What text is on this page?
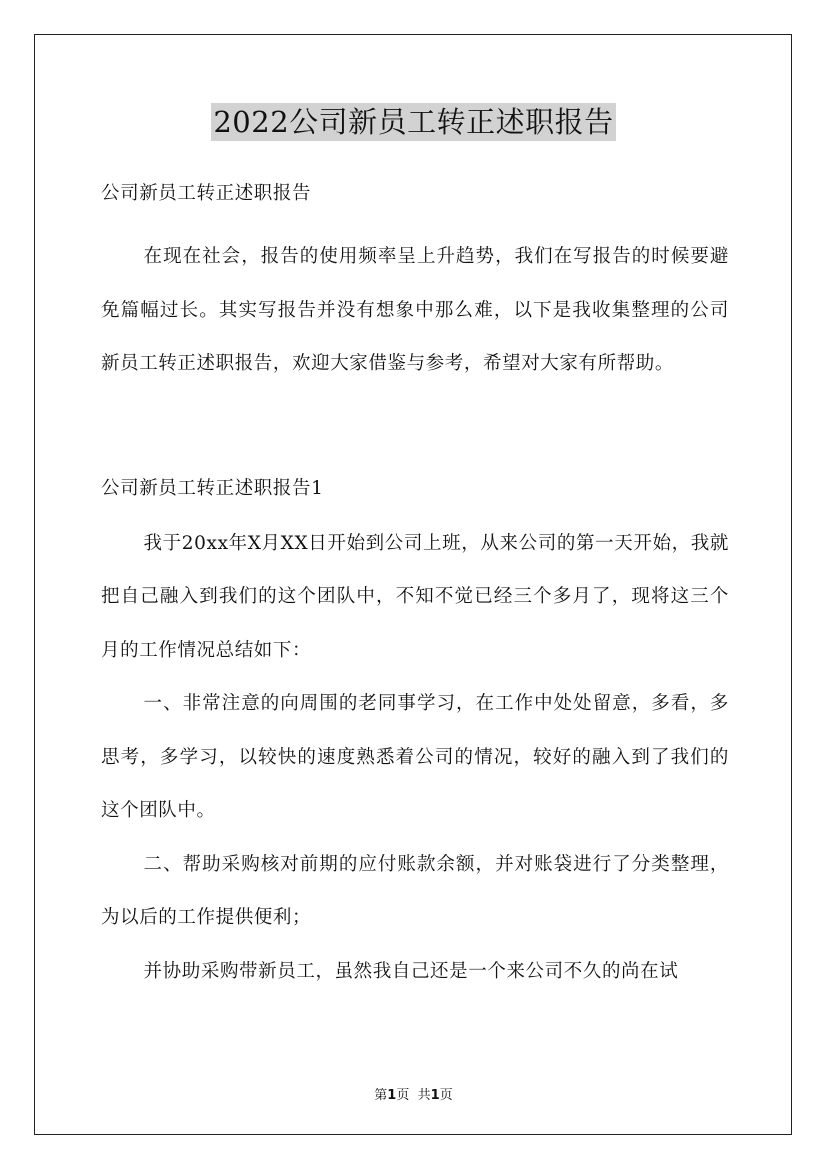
2022公司新员工转正述职报告

公司新员工转正述职报告

在现在社会，报告的使用频率呈上升趋势，我们在写报告的时候要避免篇幅过长。其实写报告并没有想象中那么难，以下是我收集整理的公司新员工转正述职报告，欢迎大家借鉴与参考，希望对大家有所帮助。

公司新员工转正述职报告1

我于20xx年X月XX日开始到公司上班，从来公司的第一天开始，我就把自己融入到我们的这个团队中，不知不觉已经三个多月了，现将这三个月的工作情况总结如下：

一、非常注意的向周围的老同事学习，在工作中处处留意，多看，多思考，多学习，以较快的速度熟悉着公司的情况，较好的融入到了我们的这个团队中。

二、帮助采购核对前期的应付账款余额，并对账袋进行了分类整理，为以后的工作提供便利；

并协助采购带新员工，虽然我自己还是一个来公司不久的尚在试

第1页 共1页
